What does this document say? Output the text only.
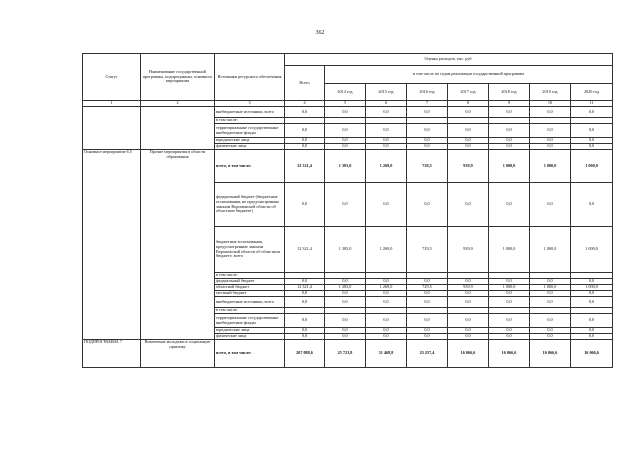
362
Статус	Наименование государственной программы, подпрограммы, основного мероприятия	Источники ресурсного обеспечения	Оценка расходов, тыс. руб.							
			Всего	в том числе по годам реализации государственной программы						
				2014 год	2015 год	2016 год	2017 год	2018 год	2019 год	2020 год
1	2	3	4	5	6	7	8	9	10	11
		внебюджетные источники, всего	0,0	0,0	0,0	0,0	0,0	0,0	0,0	0,0
		в том числе:								
		территориальные государственные внебюджетные фонды	0,0	0,0	0,0	0,0	0,0	0,0	0,0	0,0
		юридические лица	0,0	0,0	0,0	0,0	0,0	0,0	0,0	0,0
		физические лица	0,0	0,0	0,0	0,0	0,0	0,0	0,0	0,0
Основное мероприятие 6.5	Прочие мероприятия в области образования	всего, в том числе:	12 321,4	1 383,0	1 269,0	729,5	939,9	1 000,0	1 000,0	1 000,0
		федеральный бюджет (бюджетные ассигнования, не предусмотренные законом Воронежской области об областном бюджете)	0,0	0,0	0,0	0,0	0,0	0,0	0,0	0,0
		бюджетные ассигнования, предусмотренные законом Воронежской области об областном бюджете, всего	12 321,4	1 383,0	1 269,0	729,5	939,9	1 000,0	1 000,0	1 000,0
		в том числе:								
		федеральный бюджет	0,0	0,0	0,0	0,0	0,0	0,0	0,0	0,0
		областной бюджет	12 321,4	1 383,0	1 269,0	729,5	939,9	1 000,0	1 000,0	1 000,0
		местный бюджет	0,0	0,0	0,0	0,0	0,0	0,0	0,0	0,0
		внебюджетные источники, всего	0,0	0,0	0,0	0,0	0,0	0,0	0,0	0,0
		в том числе:								
		территориальные государственные внебюджетные фонды	0,0	0,0	0,0	0,0	0,0	0,0	0,0	0,0
		юридические лица	0,0	0,0	0,0	0,0	0,0	0,0	0,0	0,0
		физические лица	0,0	0,0	0,0	0,0	0,0	0,0	0,0	0,0
ПОДПРОГРАММА 7	Вовлечение молодежи в социальную практику	всего, в том числе:	207 088,6	25 723,8	31 468,8	25 257,4	16 066,6	16 066,6	16 066,6	16 066,6
